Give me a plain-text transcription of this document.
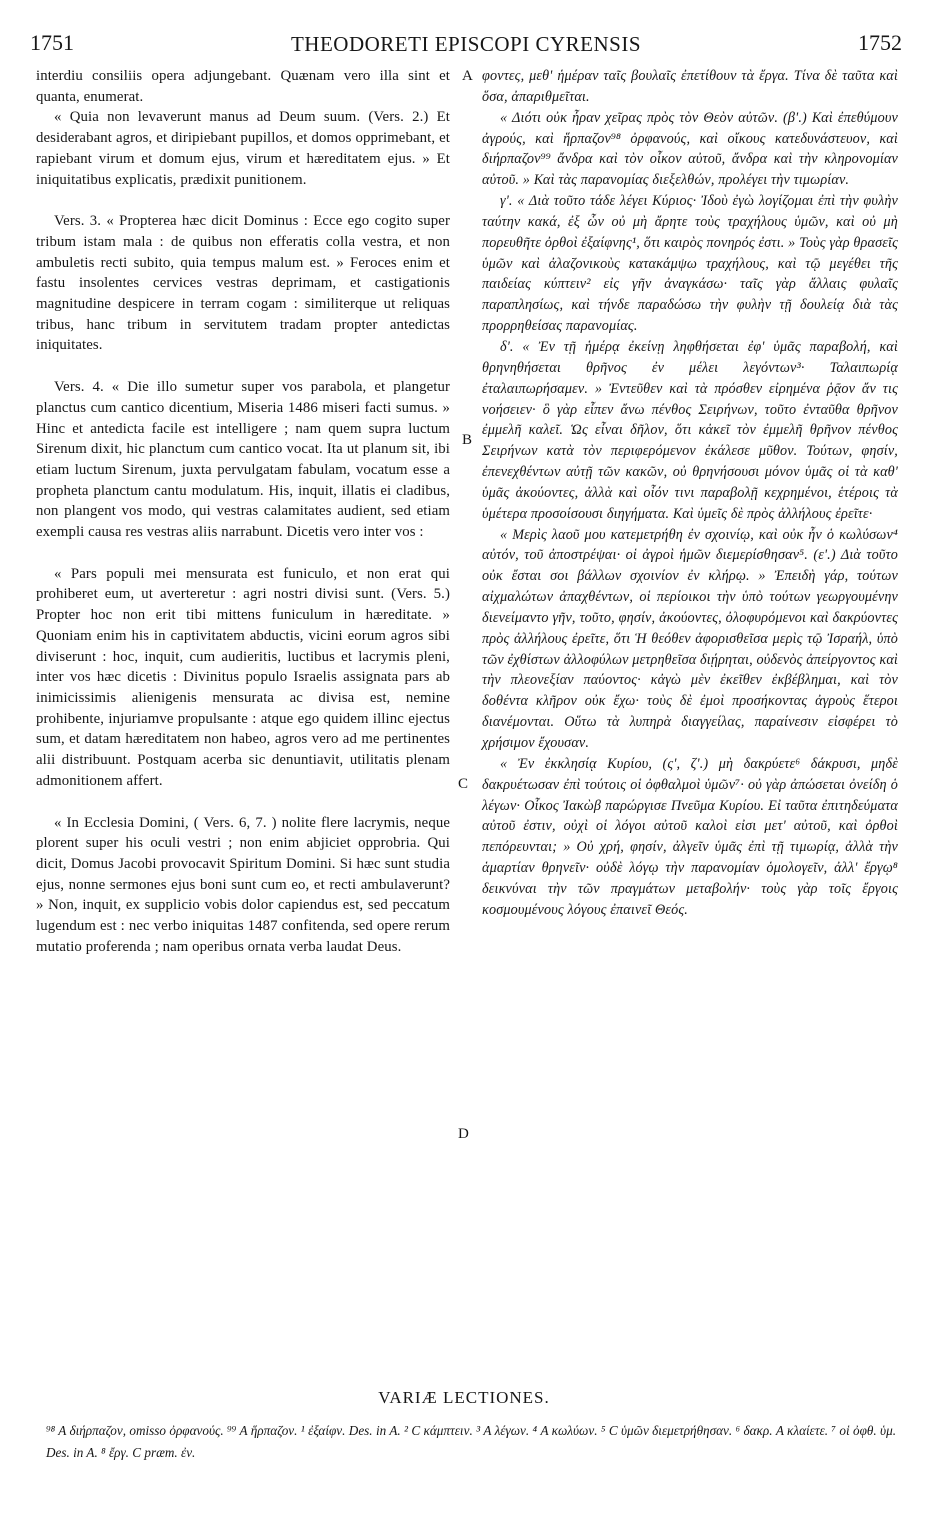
1751	THEODORETI EPISCOPI CYRENSIS	1752

interdiu consiliis opera adjungebant. Quænam vero illa sint et quanta, enumerat.

« Quia non levaverunt manus ad Deum suum. (Vers. 2.) Et desiderabant agros, et diripiebant pupillos, et domos opprimebant, et rapiebant virum et domum ejus, virum et hæreditatem ejus. » Et iniquitatibus explicatis, prædixit punitionem.

Vers. 3. « Propterea hæc dicit Dominus : Ecce ego cogito super tribum istam mala : de quibus non efferatis colla vestra, et non ambuletis recti subito, quia tempus malum est. » Feroces enim et fastu insolentes cervices vestras deprimam, et castigationis magnitudine despicere in terram cogam : similiterque ut reliquas tribus, hanc tribum in servitutem tradam propter antedictas iniquitates.

Vers. 4. « Die illo sumetur super vos parabola, et plangetur planctus cum cantico dicentium, Miseria 1486 miseri facti sumus. » Hinc et antedicta facile est intelligere ; nam quem supra luctum Sirenum dixit, hic planctum cum cantico vocat. Ita ut planum sit, ibi etiam luctum Sirenum, juxta pervulgatam fabulam, vocatum esse a propheta planctum cantu modulatum. His, inquit, illatis ei cladibus, non plangent vos modo, qui vestras calamitates audient, sed etiam exempli causa res vestras aliis narrabunt. Dicetis vero inter vos :

« Pars populi mei mensurata est funiculo, et non erat qui prohiberet eum, ut averteretur : agri nostri divisi sunt. (Vers. 5.) Propter hoc non erit tibi mittens funiculum in hæreditate. » Quoniam enim his in captivitatem abductis, vicini eorum agros sibi diviserunt : hoc, inquit, cum audieritis, luctibus et lacrymis pleni, inter vos hæc dicetis : Divinitus populo Israelis assignata pars ab inimicissimis alienigenis mensurata ac divisa est, nemine prohibente, injuriamve propulsante : atque ego quidem illinc ejectus sum, et datam hæreditatem non habeo, agros vero ad me pertinentes alii distribuunt. Postquam acerba sic denuntiavit, utilitatis plenam admonitionem affert.

« In Ecclesia Domini, ( Vers. 6, 7. ) nolite flere lacrymis, neque plorent super his oculi vestri ; non enim abjiciet opprobria. Qui dicit, Domus Jacobi provocavit Spiritum Domini. Si hæc sunt studia ejus, nonne sermones ejus boni sunt cum eo, et recti ambulaverunt? » Non, inquit, ex supplicio vobis dolor capiendus est, sed peccatum lugendum est : nec verbo iniquitas 1487 confitenda, sed opere rerum mutatio proferenda ; nam operibus ornata verba laudat Deus.

A
B
C
D

φοντες, μεθ' ἡμέραν ταῖς βουλαῖς ἐπετίθουν τὰ ἔργα. Τίνα δὲ ταῦτα καὶ ὅσα, ἀπαριθμεῖται.

« Διότι οὐκ ἦραν χεῖρας πρὸς τὸν Θεὸν αὐτῶν. (β'.) Καὶ ἐπεθύμουν ἀγρούς, καὶ ἥρπαζον⁹⁸ ὀρφανούς, καὶ οἴκους κατεδυνάστευον, καὶ διήρπαζον⁹⁹ ἄνδρα καὶ τὸν οἶκον αὐτοῦ, ἄνδρα καὶ τὴν κληρονομίαν αὐτοῦ. » Καὶ τὰς παρανομίας διεξελθών, προλέγει τὴν τιμωρίαν.

γ'. « Διὰ τοῦτο τάδε λέγει Κύριος· Ἰδοὺ ἐγὼ λογίζομαι ἐπὶ τὴν φυλὴν ταύτην κακά, ἐξ ὧν οὐ μὴ ἄρητε τοὺς τραχήλους ὑμῶν, καὶ οὐ μὴ πορευθῆτε ὀρθοὶ ἐξαίφνης¹, ὅτι καιρὸς πονηρός ἐστι. » Τοὺς γὰρ θρασεῖς ὑμῶν καὶ ἀλαζονικοὺς κατακάμψω τραχήλους, καὶ τῷ μεγέθει τῆς παιδείας κύπτειν² εἰς γῆν ἀναγκάσω· ταῖς γὰρ ἄλλαις φυλαῖς παραπλησίως, καὶ τήνδε παραδώσω τὴν φυλὴν τῇ δουλείᾳ διὰ τὰς προρρηθείσας παρανομίας.

δ'. « Ἐν τῇ ἡμέρᾳ ἐκείνῃ ληφθήσεται ἐφ' ὑμᾶς παραβολή, καὶ θρηνηθήσεται θρῆνος ἐν μέλει λεγόντων³· Ταλαιπωρίᾳ ἐταλαιπωρήσαμεν. » Ἐντεῦθεν καὶ τὰ πρόσθεν εἰρημένα ῥᾷον ἄν τις νοήσειεν· ὃ γὰρ εἶπεν ἄνω πένθος Σειρήνων, τοῦτο ἐνταῦθα θρῆνον ἐμμελῆ καλεῖ. Ὡς εἶναι δῆλον, ὅτι κἀκεῖ τὸν ἐμμελῆ θρῆνον πένθος Σειρήνων κατὰ τὸν περιφερόμενον ἐκάλεσε μῦθον. Τούτων, φησίν, ἐπενεχθέντων αὐτῇ τῶν κακῶν, οὐ θρηνήσουσι μόνον ὑμᾶς οἱ τὰ καθ' ὑμᾶς ἀκούοντες, ἀλλὰ καὶ οἷόν τινι παραβολῇ κεχρημένοι, ἑτέροις τὰ ὑμέτερα προσοίσουσι διηγήματα. Καὶ ὑμεῖς δὲ πρὸς ἀλλήλους ἐρεῖτε·

« Μερὶς λαοῦ μου κατεμετρήθη ἐν σχοινίῳ, καὶ οὐκ ἦν ὁ κωλύσων⁴ αὐτόν, τοῦ ἀποστρέψαι· οἱ ἀγροὶ ἡμῶν διεμερίσθησαν⁵. (ε'.) Διὰ τοῦτο οὐκ ἔσται σοι βάλλων σχοινίον ἐν κλήρῳ. » Ἐπειδὴ γάρ, τούτων αἰχμαλώτων ἀπαχθέντων, οἱ περίοικοι τὴν ὑπὸ τούτων γεωργουμένην διενείμαντο γῆν, τοῦτο, φησίν, ἀκούοντες, ὀλοφυρόμενοι καὶ δακρύοντες πρὸς ἀλλήλους ἐρεῖτε, ὅτι Ἡ θεόθεν ἀφορισθεῖσα μερὶς τῷ Ἰσραήλ, ὑπὸ τῶν ἐχθίστων ἀλλοφύλων μετρηθεῖσα διῄρηται, οὐδενὸς ἀπείργοντος καὶ τὴν πλεονεξίαν παύοντος· κἀγὼ μὲν ἐκεῖθεν ἐκβέβλημαι, καὶ τὸν δοθέντα κλῆρον οὐκ ἔχω· τοὺς δὲ ἐμοὶ προσήκοντας ἀγροὺς ἕτεροι διανέμονται. Οὕτω τὰ λυπηρὰ διαγγείλας, παραίνεσιν εἰσφέρει τὸ χρήσιμον ἔχουσαν.

« Ἐν ἐκκλησίᾳ Κυρίου, (ς', ζ'.) μὴ δακρύετε⁶ δάκρυσι, μηδὲ δακρυέτωσαν ἐπὶ τούτοις οἱ ὀφθαλμοὶ ὑμῶν⁷· οὐ γὰρ ἀπώσεται ὀνείδη ὁ λέγων· Οἶκος Ἰακὼβ παρώργισε Πνεῦμα Κυρίου. Εἰ ταῦτα ἐπιτηδεύματα αὐτοῦ ἐστιν, οὐχὶ οἱ λόγοι αὐτοῦ καλοὶ εἰσι μετ' αὐτοῦ, καὶ ὀρθοὶ πεπόρευνται; » Οὐ χρή, φησίν, ἀλγεῖν ὑμᾶς ἐπὶ τῇ τιμωρίᾳ, ἀλλὰ τὴν ἁμαρτίαν θρηνεῖν· οὐδὲ λόγῳ τὴν παρανομίαν ὁμολογεῖν, ἀλλ' ἔργῳ⁸ δεικνύναι τὴν τῶν πραγμάτων μεταβολήν· τοὺς γὰρ τοῖς ἔργοις κοσμουμένους λόγους ἐπαινεῖ Θεός.

VARIÆ LECTIONES.
⁹⁸ A διήρπαζον, omisso ὀρφανούς. ⁹⁹ A ἥρπαζον. ¹ ἐξαίφν. Des. in A. ² C κάμπτειν. ³ A λέγων. ⁴ A κωλύων. ⁵ C ὑμῶν διεμετρήθησαν. ⁶ δακρ. A κλαίετε. ⁷ οἱ ὀφθ. ὑμ. Des. in A. ⁸ ἔργ. C præm. ἐν.
